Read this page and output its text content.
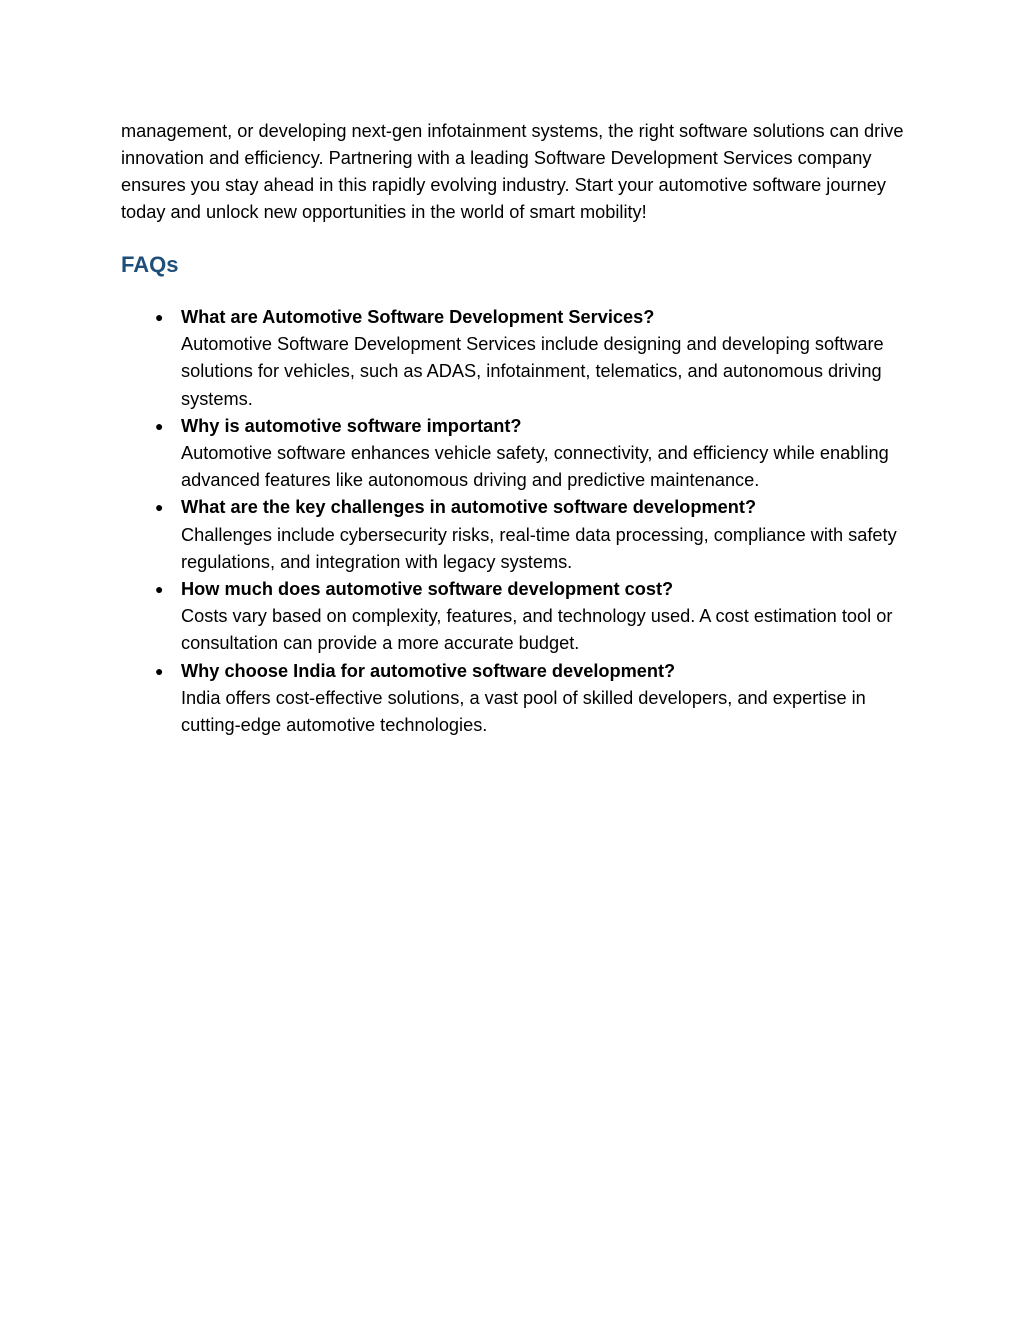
management, or developing next-gen infotainment systems, the right software solutions can drive innovation and efficiency. Partnering with a leading Software Development Services company ensures you stay ahead in this rapidly evolving industry. Start your automotive software journey today and unlock new opportunities in the world of smart mobility!

FAQs
● What are Automotive Software Development Services?
Automotive Software Development Services include designing and developing software solutions for vehicles, such as ADAS, infotainment, telematics, and autonomous driving systems.
● Why is automotive software important?
Automotive software enhances vehicle safety, connectivity, and efficiency while enabling advanced features like autonomous driving and predictive maintenance.
● What are the key challenges in automotive software development?
Challenges include cybersecurity risks, real-time data processing, compliance with safety regulations, and integration with legacy systems.
● How much does automotive software development cost?
Costs vary based on complexity, features, and technology used. A cost estimation tool or consultation can provide a more accurate budget.
● Why choose India for automotive software development?
India offers cost-effective solutions, a vast pool of skilled developers, and expertise in cutting-edge automotive technologies.
